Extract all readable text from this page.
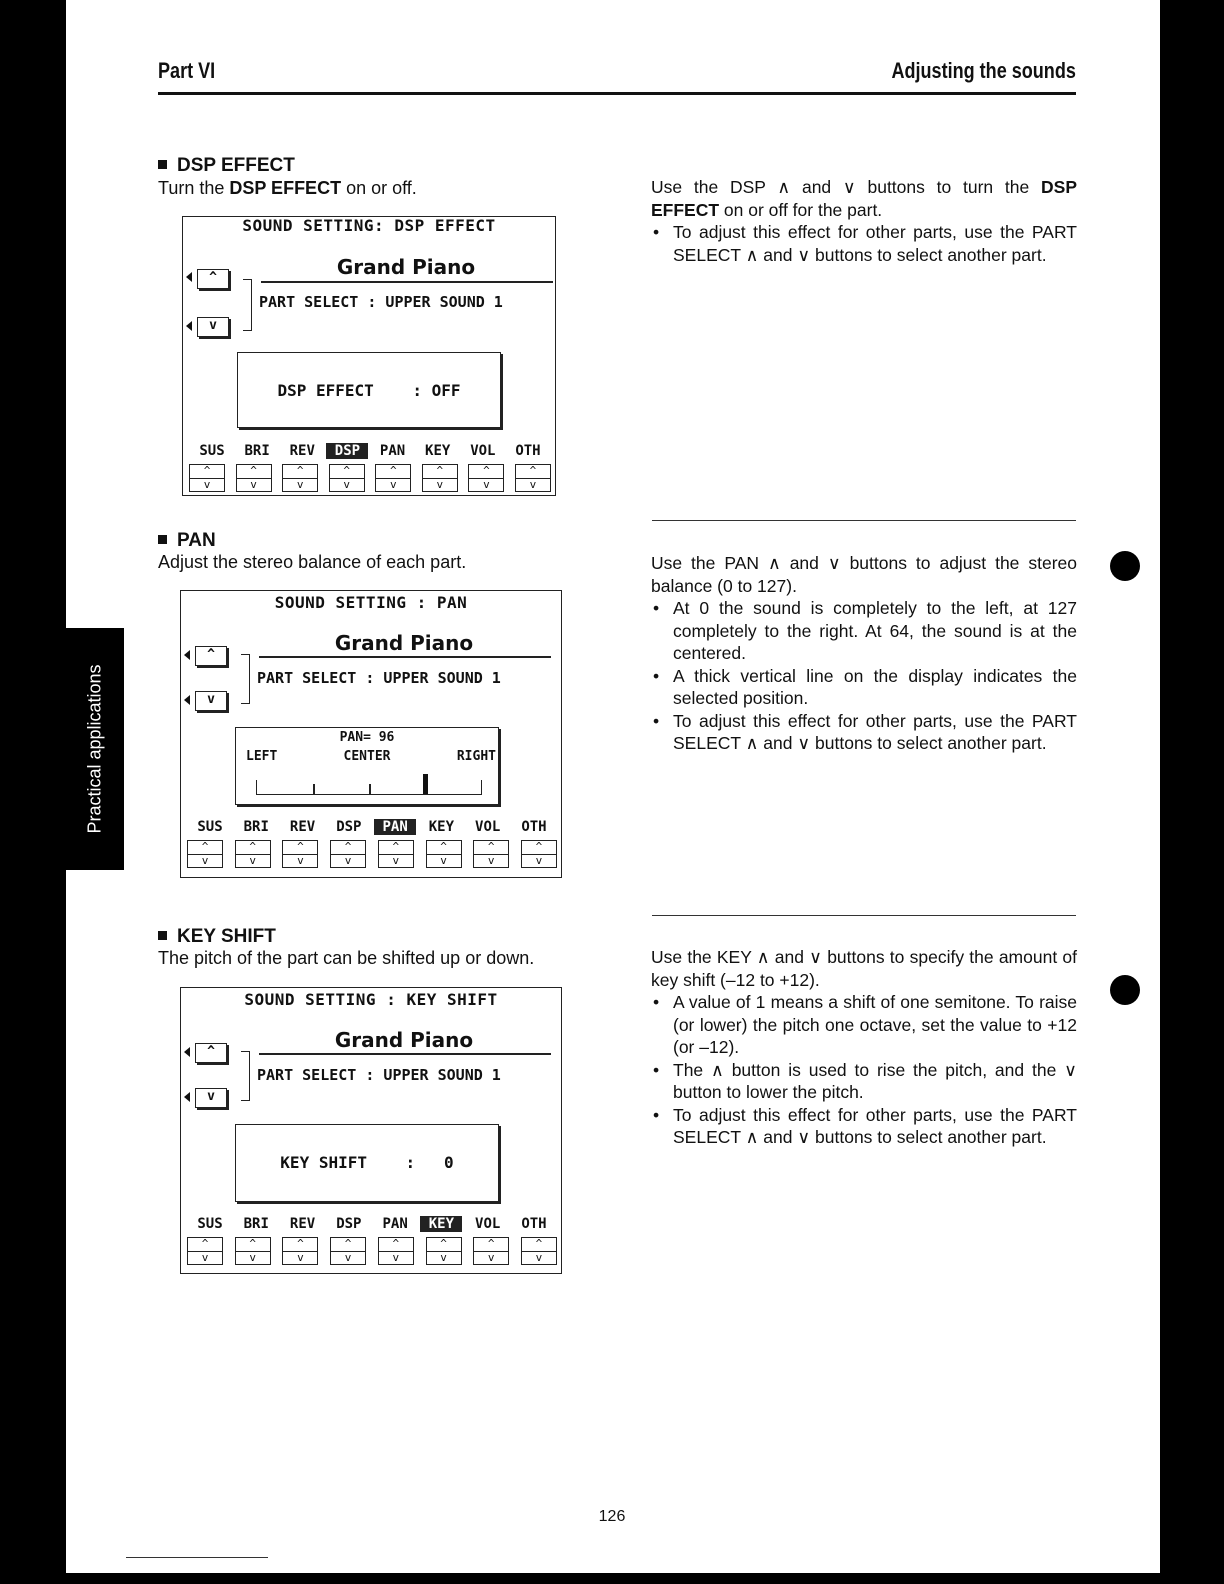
Practical applications
Part VI	Adjusting the sounds
DSP EFFECT
Turn the DSP EFFECT on or off.
SOUND SETTING: DSP EFFECT
Grand Piano
^
v
PART SELECT : UPPER SOUND 1
DSP EFFECT    : OFF
SUS	BRI	REV	DSP	PAN	KEY	VOL	OTH
^
v
^
v
^
v
^
v
^
v
^
v
^
v
^
v

Use the DSP ∧ and ∨ buttons to turn the DSP EFFECT on or off for the part.

• To adjust this effect for other parts, use the PART SELECT ∧ and ∨ buttons to select another part.
PAN
Adjust the stereo balance of each part.
SOUND SETTING : PAN
Grand Piano
^
v
PART SELECT : UPPER SOUND 1
PAN= 96
LEFT	CENTER	RIGHT
SUS	BRI	REV	DSP	PAN	KEY	VOL	OTH
^
v
^
v
^
v
^
v
^
v
^
v
^
v
^
v

Use the PAN ∧ and ∨ buttons to adjust the stereo balance (0 to 127).

• At 0 the sound is completely to the left, at 127 completely to the right. At 64, the sound is at the centered.
• A thick vertical line on the display indicates the selected position.
• To adjust this effect for other parts, use the PART SELECT ∧ and ∨ buttons to select another part.
KEY SHIFT
The pitch of the part can be shifted up or down.
SOUND SETTING : KEY SHIFT
Grand Piano
^
v
PART SELECT : UPPER SOUND 1
KEY SHIFT    :   0
SUS	BRI	REV	DSP	PAN	KEY	VOL	OTH
^
v
^
v
^
v
^
v
^
v
^
v
^
v
^
v

Use the KEY ∧ and ∨ buttons to specify the amount of key shift (–12 to +12).

• A value of 1 means a shift of one semitone. To raise (or lower) the pitch one octave, set the value to +12 (or –12).
• The ∧ button is used to rise the pitch, and the ∨ button to lower the pitch.
• To adjust this effect for other parts, use the PART SELECT ∧ and ∨ buttons to select another part.
126
